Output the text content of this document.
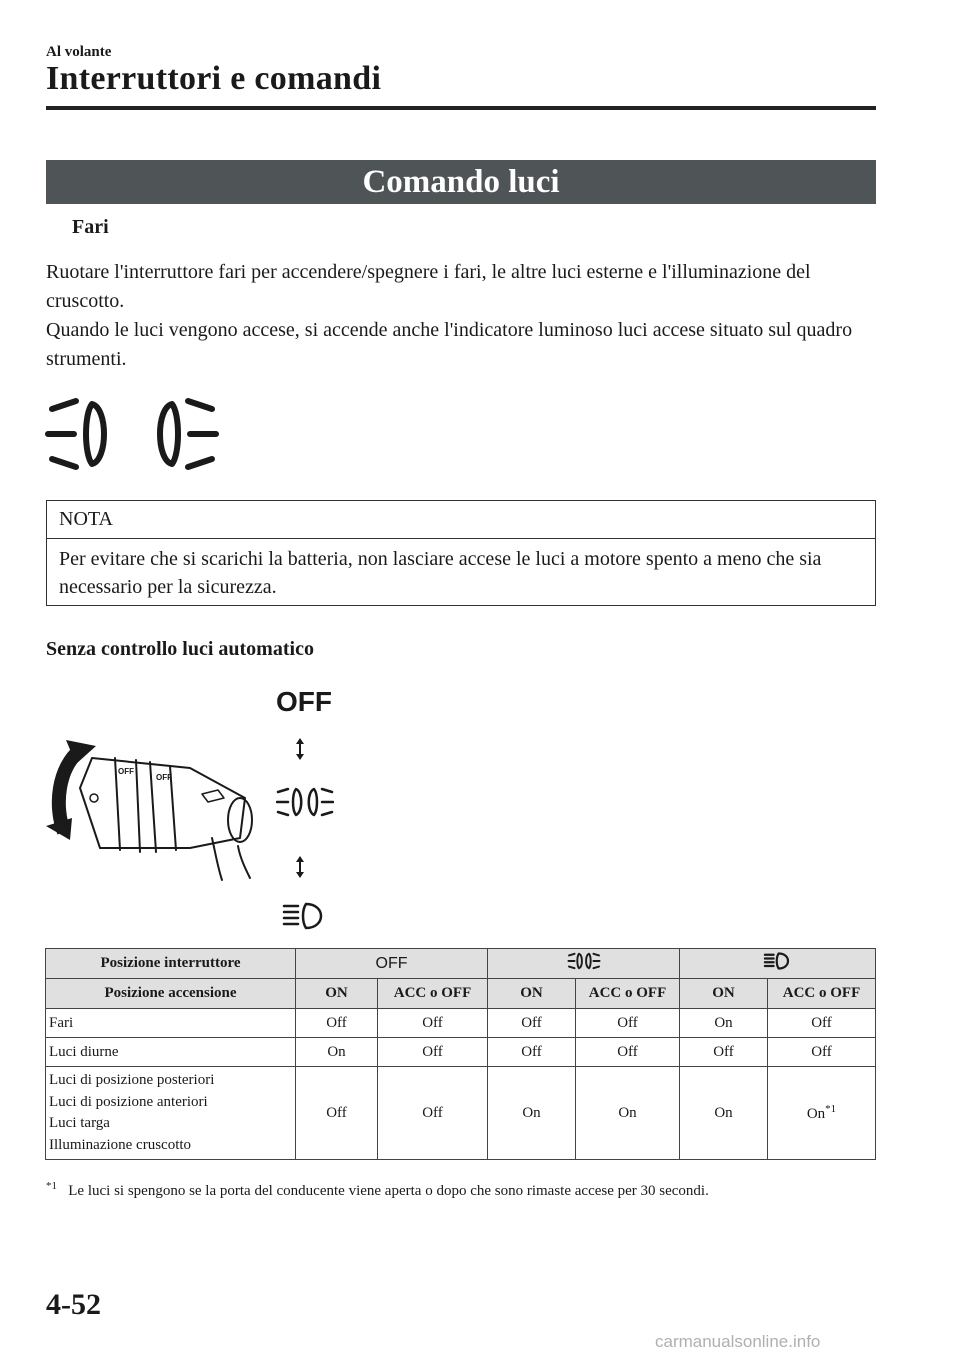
Al volante
Interruttori e comandi
Comando luci
Fari
Ruotare l'interruttore fari per accendere/spegnere i fari, le altre luci esterne e l'illuminazione del cruscotto.
Quando le luci vengono accese, si accende anche l'indicatore luminoso luci accese situato sul quadro strumenti.
NOTA
Per evitare che si scarichi la batteria, non lasciare accese le luci a motore spento a meno che sia necessario per la sicurezza.
Senza controllo luci automatico
OFF
OFF
OFF
Posizione interruttore	OFF		
Posizione accensione	ON	ACC o OFF	ON	ACC o OFF	ON	ACC o OFF
Fari	Off	Off	Off	Off	On	Off
Luci diurne	On	Off	Off	Off	Off	Off

Luci di posizione posteriori
Luci di posizione anteriori
Luci targa
Illuminazione cruscotto	Off	Off	On	On	On	On$^{*1}$
$^{*1}$ Le luci si spengono se la porta del conducente viene aperta o dopo che sono rimaste accese per 30 secondi.
4-52
carmanualsonline.info
